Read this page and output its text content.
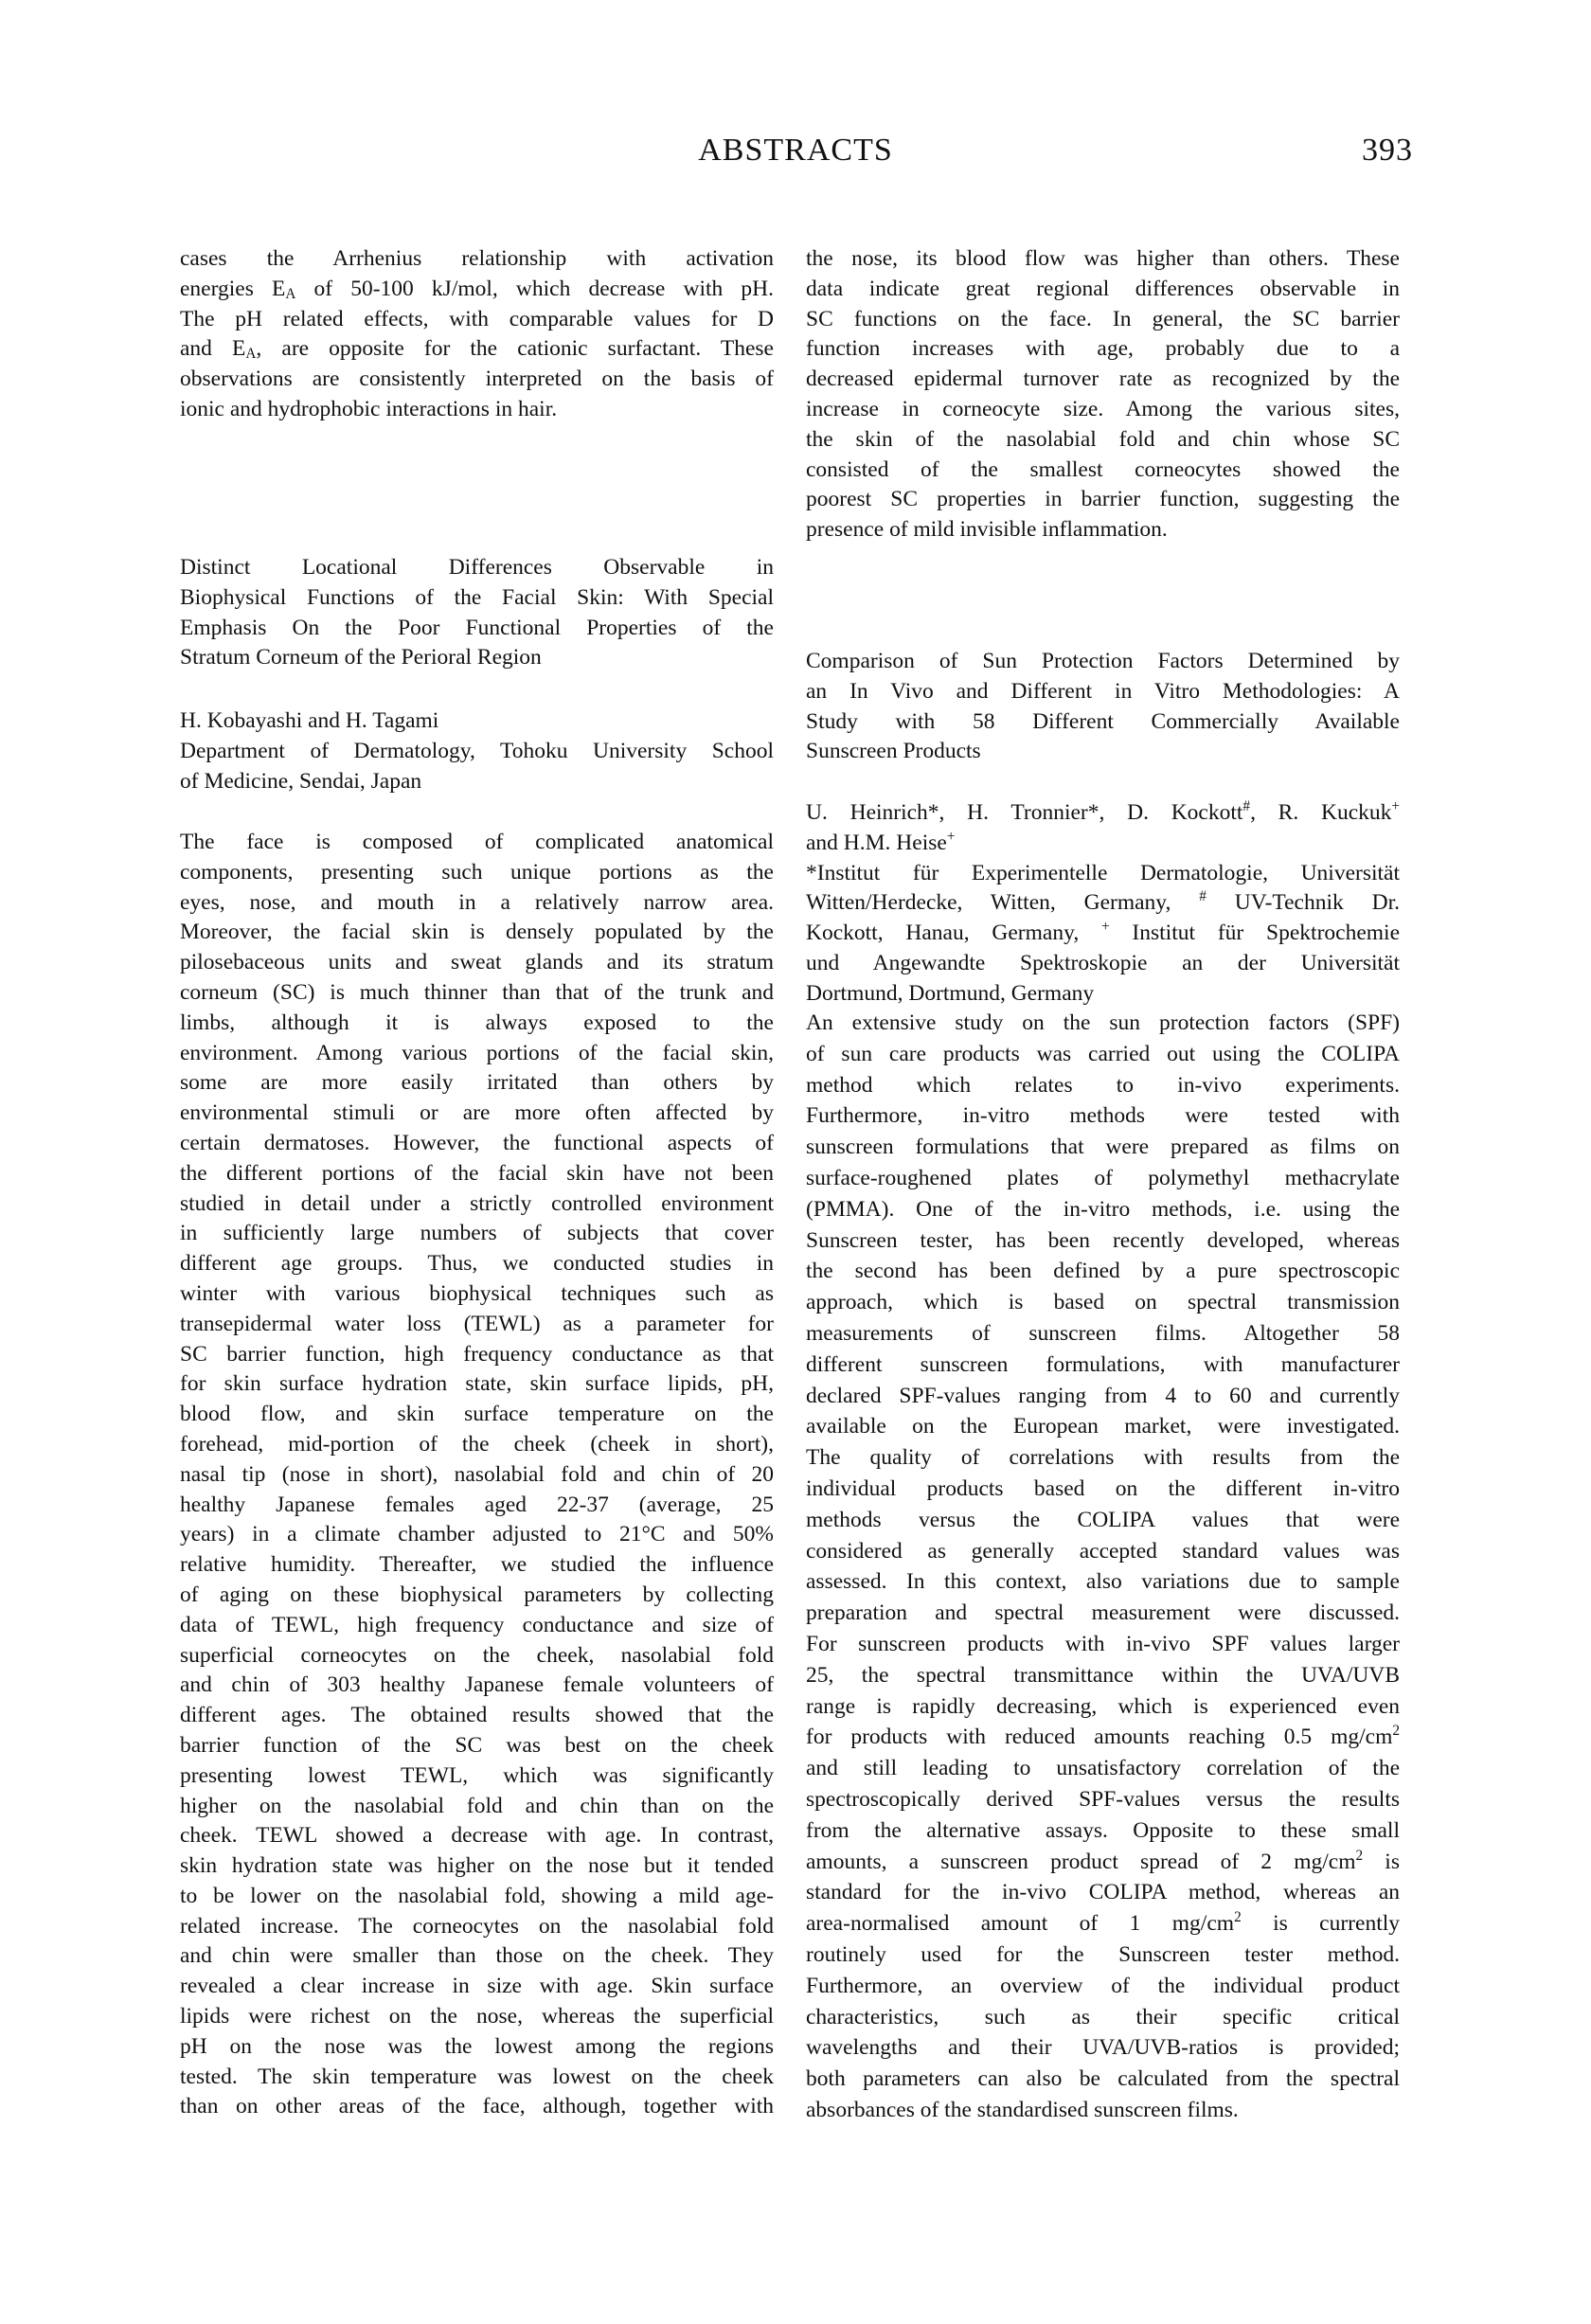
ABSTRACTS	393
cases the Arrhenius relationship with activation
energies $E_A$ of 50-100 kJ/mol, which decrease with pH.
The pH related effects, with comparable values for D
and $E_A$, are opposite for the cationic surfactant. These
observations are consistently interpreted on the basis of
ionic and hydrophobic interactions in hair.
Distinct Locational Differences Observable in
Biophysical Functions of the Facial Skin: With Special
Emphasis On the Poor Functional Properties of the
Stratum Corneum of the Perioral Region
H. Kobayashi and H. Tagami
Department of Dermatology, Tohoku University School
of Medicine, Sendai, Japan
The face is composed of complicated anatomical
components, presenting such unique portions as the
eyes, nose, and mouth in a relatively narrow area.
Moreover, the facial skin is densely populated by the
pilosebaceous units and sweat glands and its stratum
corneum (SC) is much thinner than that of the trunk and
limbs, although it is always exposed to the
environment. Among various portions of the facial skin,
some are more easily irritated than others by
environmental stimuli or are more often affected by
certain dermatoses. However, the functional aspects of
the different portions of the facial skin have not been
studied in detail under a strictly controlled environment
in sufficiently large numbers of subjects that cover
different age groups. Thus, we conducted studies in
winter with various biophysical techniques such as
transepidermal water loss (TEWL) as a parameter for
SC barrier function, high frequency conductance as that
for skin surface hydration state, skin surface lipids, pH,
blood flow, and skin surface temperature on the
forehead, mid-portion of the cheek (cheek in short),
nasal tip (nose in short), nasolabial fold and chin of 20
healthy Japanese females aged 22-37 (average, 25
years) in a climate chamber adjusted to 21°C and 50%
relative humidity. Thereafter, we studied the influence
of aging on these biophysical parameters by collecting
data of TEWL, high frequency conductance and size of
superficial corneocytes on the cheek, nasolabial fold
and chin of 303 healthy Japanese female volunteers of
different ages. The obtained results showed that the
barrier function of the SC was best on the cheek
presenting lowest TEWL, which was significantly
higher on the nasolabial fold and chin than on the
cheek. TEWL showed a decrease with age. In contrast,
skin hydration state was higher on the nose but it tended
to be lower on the nasolabial fold, showing a mild age-
related increase. The corneocytes on the nasolabial fold
and chin were smaller than those on the cheek. They
revealed a clear increase in size with age. Skin surface
lipids were richest on the nose, whereas the superficial
pH on the nose was the lowest among the regions
tested. The skin temperature was lowest on the cheek
than on other areas of the face, although, together with
the nose, its blood flow was higher than others. These
data indicate great regional differences observable in
SC functions on the face. In general, the SC barrier
function increases with age, probably due to a
decreased epidermal turnover rate as recognized by the
increase in corneocyte size. Among the various sites,
the skin of the nasolabial fold and chin whose SC
consisted of the smallest corneocytes showed the
poorest SC properties in barrier function, suggesting the
presence of mild invisible inflammation.
Comparison of Sun Protection Factors Determined by
an In Vivo and Different in Vitro Methodologies: A
Study with 58 Different Commercially Available
Sunscreen Products
U. Heinrich*, H. Tronnier*, D. Kockott#, R. Kuckuk+
and H.M. Heise+
*Institut für Experimentelle Dermatologie, Universität
Witten/Herdecke, Witten, Germany, # UV-Technik Dr.
Kockott, Hanau, Germany, + Institut für Spektrochemie
und Angewandte Spektroskopie an der Universität
Dortmund, Dortmund, Germany
An extensive study on the sun protection factors (SPF)
of sun care products was carried out using the COLIPA
method which relates to in-vivo experiments.
Furthermore, in-vitro methods were tested with
sunscreen formulations that were prepared as films on
surface-roughened plates of polymethyl methacrylate
(PMMA). One of the in-vitro methods, i.e. using the
Sunscreen tester, has been recently developed, whereas
the second has been defined by a pure spectroscopic
approach, which is based on spectral transmission
measurements of sunscreen films. Altogether 58
different sunscreen formulations, with manufacturer
declared SPF-values ranging from 4 to 60 and currently
available on the European market, were investigated.
The quality of correlations with results from the
individual products based on the different in-vitro
methods versus the COLIPA values that were
considered as generally accepted standard values was
assessed. In this context, also variations due to sample
preparation and spectral measurement were discussed.
For sunscreen products with in-vivo SPF values larger
25, the spectral transmittance within the UVA/UVB
range is rapidly decreasing, which is experienced even
for products with reduced amounts reaching 0.5 $mg/cm^2$
and still leading to unsatisfactory correlation of the
spectroscopically derived SPF-values versus the results
from the alternative assays. Opposite to these small
amounts, a sunscreen product spread of 2 $mg/cm^2$ is
standard for the in-vivo COLIPA method, whereas an
area-normalised amount of 1 $mg/cm^2$ is currently
routinely used for the Sunscreen tester method.
Furthermore, an overview of the individual product
characteristics, such as their specific critical
wavelengths and their UVA/UVB-ratios is provided;
both parameters can also be calculated from the spectral
absorbances of the standardised sunscreen films.
